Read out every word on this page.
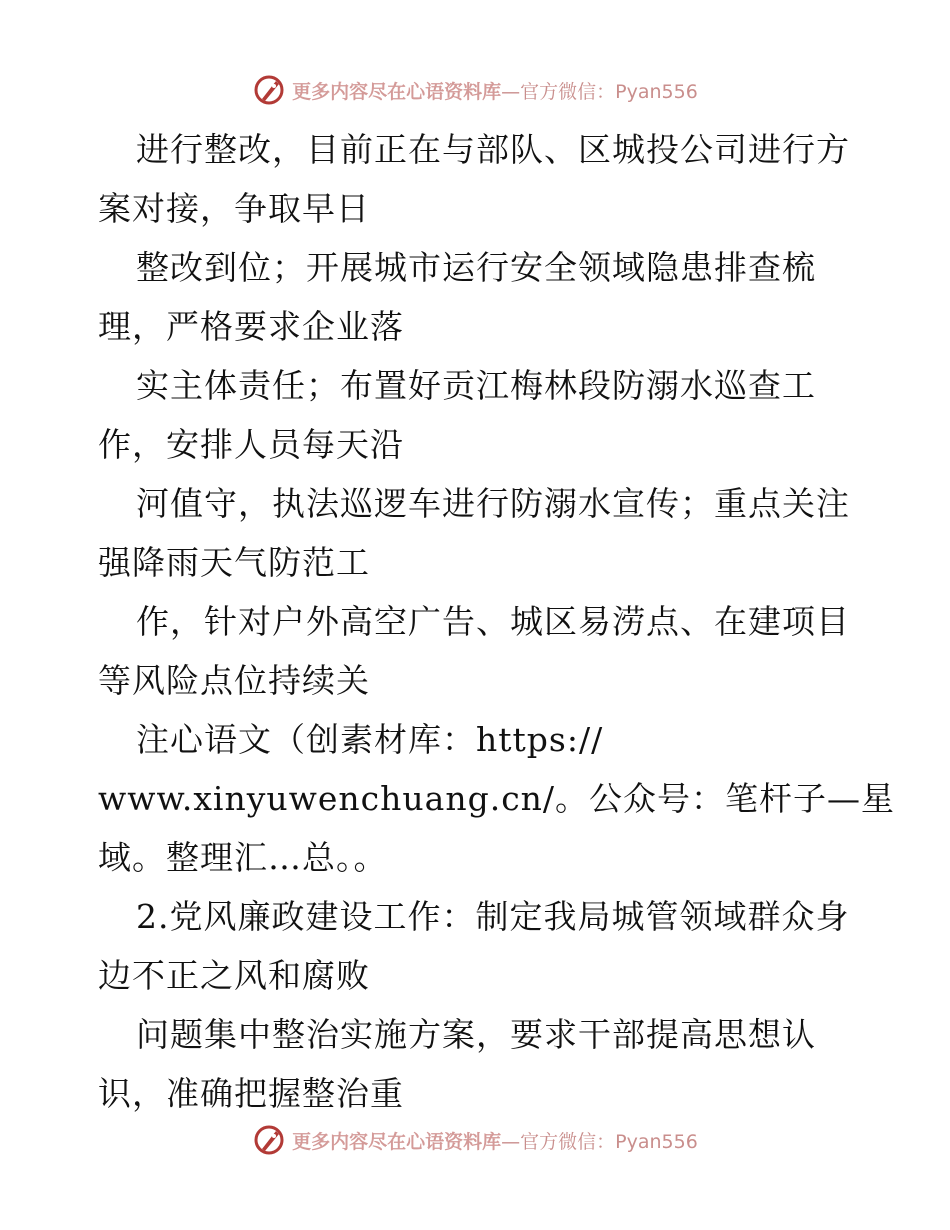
更多内容尽在心语资料库—官方微信：Pyan556
进行整改，目前正在与部队、区城投公司进行方
案对接，争取早日
整改到位；开展城市运行安全领域隐患排查梳
理，严格要求企业落
实主体责任；布置好贡江梅林段防溺水巡查工
作，安排人员每天沿
河值守，执法巡逻车进行防溺水宣传；重点关注
强降雨天气防范工
作，针对户外高空广告、城区易涝点、在建项目
等风险点位持续关
注心语文（创素材库：https://
www.xinyuwenchuang.cn/。公众号：笔杆子—星
域。整理汇…总。。
2.党风廉政建设工作：制定我局城管领域群众身
边不正之风和腐败
问题集中整治实施方案，要求干部提高思想认
识，准确把握整治重
更多内容尽在心语资料库—官方微信：Pyan556
